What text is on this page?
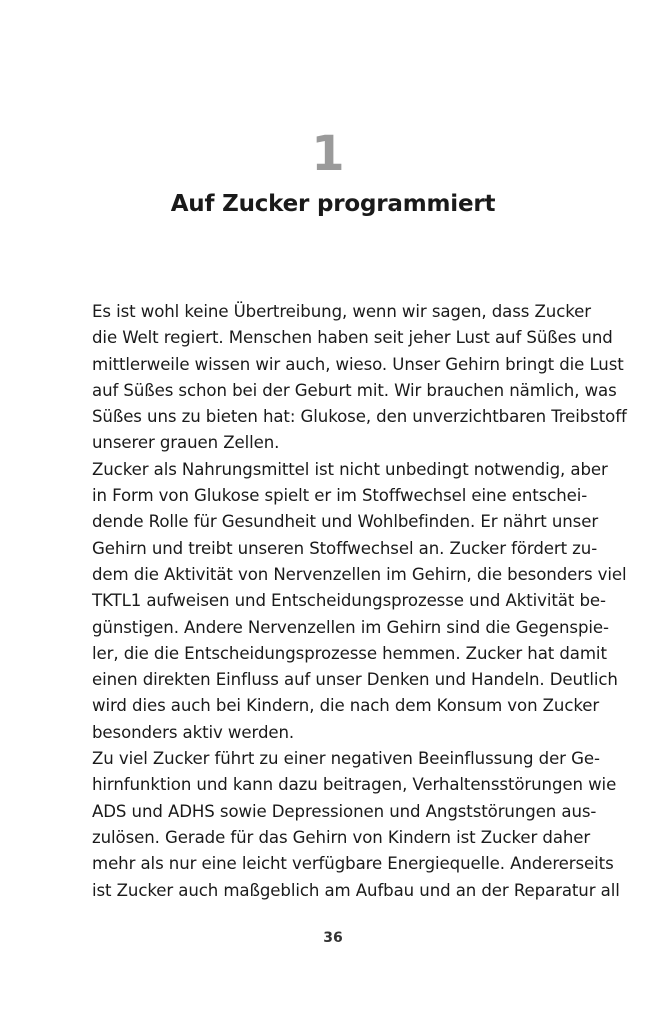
1
Auf Zucker programmiert
Es ist wohl keine Übertreibung, wenn wir sagen, dass Zucker
die Welt regiert. Menschen haben seit jeher Lust auf Süßes und
mittlerweile wissen wir auch, wieso. Unser Gehirn bringt die Lust
auf Süßes schon bei der Geburt mit. Wir brauchen nämlich, was
Süßes uns zu bieten hat: Glukose, den unverzichtbaren Treibstoff
unserer grauen Zellen.
Zucker als Nahrungsmittel ist nicht unbedingt notwendig, aber
in Form von Glukose spielt er im Stoffwechsel eine entschei-
dende Rolle für Gesundheit und Wohlbefinden. Er nährt unser
Gehirn und treibt unseren Stoffwechsel an. Zucker fördert zu-
dem die Aktivität von Nervenzellen im Gehirn, die besonders viel
TKTL1 aufweisen und Entscheidungsprozesse und Aktivität be-
günstigen. Andere Nervenzellen im Gehirn sind die Gegenspie-
ler, die die Entscheidungsprozesse hemmen. Zucker hat damit
einen direkten Einfluss auf unser Denken und Handeln. Deutlich
wird dies auch bei Kindern, die nach dem Konsum von Zucker
besonders aktiv werden.
Zu viel Zucker führt zu einer negativen Beeinflussung der Ge-
hirnfunktion und kann dazu beitragen, Verhaltensstörungen wie
ADS und ADHS sowie Depressionen und Angststörungen aus-
zulösen. Gerade für das Gehirn von Kindern ist Zucker daher
mehr als nur eine leicht verfügbare Energiequelle. Andererseits
ist Zucker auch maßgeblich am Aufbau und an der Reparatur all
36
